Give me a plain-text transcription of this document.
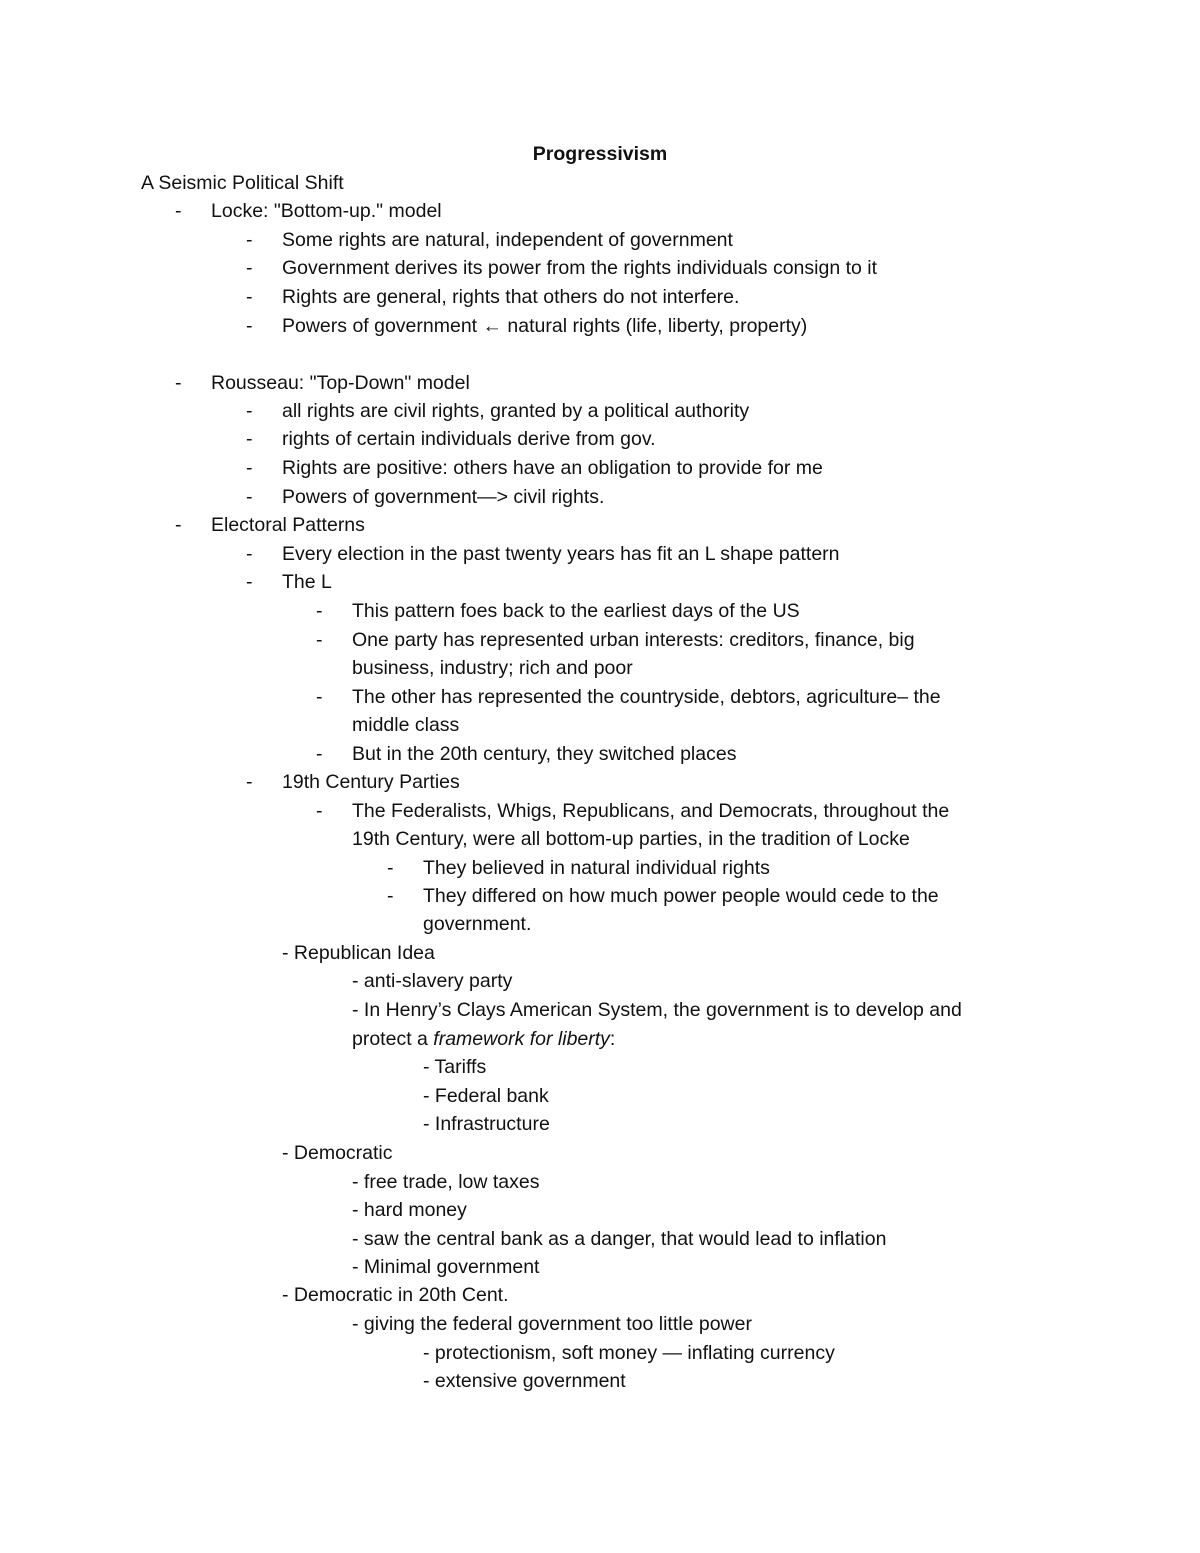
Progressivism
A Seismic Political Shift
- Locke: "Bottom-up." model
- Some rights are natural, independent of government
- Government derives its power from the rights individuals consign to it
- Rights are general, rights that others do not interfere.
- Powers of government ← natural rights (life, liberty, property)
- Rousseau: "Top-Down" model
- all rights are civil rights, granted by a political authority
- rights of certain individuals derive from gov.
- Rights are positive: others have an obligation to provide for me
- Powers of government—> civil rights.
- Electoral Patterns
- Every election in the past twenty years has fit an L shape pattern
- The L
- This pattern foes back to the earliest days of the US
- One party has represented urban interests: creditors, finance, big
business, industry; rich and poor
- The other has represented the countryside, debtors, agriculture– the
middle class
- But in the 20th century, they switched places
- 19th Century Parties
- The Federalists, Whigs, Republicans, and Democrats, throughout the
19th Century, were all bottom-up parties, in the tradition of Locke
- They believed in natural individual rights
- They differed on how much power people would cede to the
government.
- Republican Idea
- anti-slavery party
- In Henry’s Clays American System, the government is to develop and
protect a framework for liberty:
- Tariffs
- Federal bank
- Infrastructure
- Democratic
- free trade, low taxes
- hard money
- saw the central bank as a danger, that would lead to inflation
- Minimal government
- Democratic in 20th Cent.
- giving the federal government too little power
- protectionism, soft money — inflating currency
- extensive government
